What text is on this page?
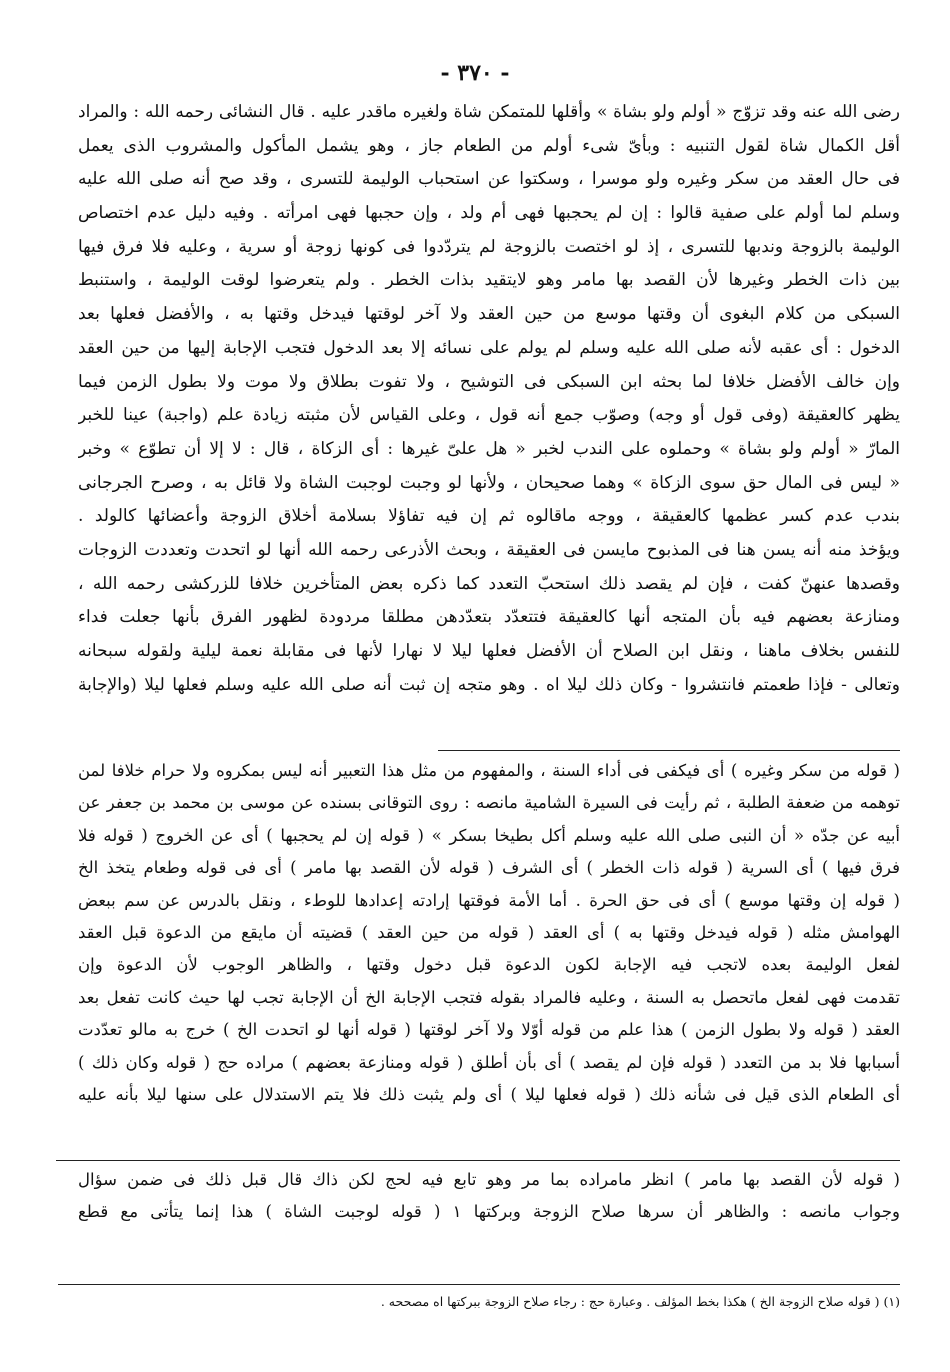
- ٣٧٠ -
رضى الله عنه وقد تزوّج « أولم ولو بشاة » وأقلها للمتمكن شاة ولغيره ماقدر عليه . قال النشائى رحمه الله : والمراد
أقل الكمال شاة لقول التنبيه : وبأىّ شىء أولم من الطعام جاز ، وهو يشمل المأكول والمشروب الذى يعمل
فى حال العقد من سكر وغيره ولو موسرا ، وسكتوا عن استحباب الوليمة للتسرى ، وقد صح أنه صلى الله عليه
وسلم لما أولم على صفية قالوا : إن لم يحجبها فهى أم ولد ، وإن حجبها فهى امرأته . وفيه دليل عدم اختصاص
الوليمة بالزوجة وندبها للتسرى ، إذ لو اختصت بالزوجة لم يتردّدوا فى كونها زوجة أو سرية ، وعليه فلا فرق فيها
بين ذات الخطر وغيرها لأن القصد بها مامر وهو لايتقيد بذات الخطر . ولم يتعرضوا لوقت الوليمة ، واستنبط
السبكى من كلام البغوى أن وقتها موسع من حين العقد ولا آخر لوقتها فيدخل وقتها به ، والأفضل فعلها بعد
الدخول : أى عقبه لأنه صلى الله عليه وسلم لم يولم على نسائه إلا بعد الدخول فتجب الإجابة إليها من حين العقد
وإن خالف الأفضل خلافا لما بحثه ابن السبكى فى التوشيح ، ولا تفوت بطلاق ولا موت ولا بطول الزمن فيما
يظهر كالعقيقة (وفى قول أو وجه) وصوّب جمع أنه قول ، وعلى القياس لأن مثبته زيادة علم (واجبة) عينا للخبر
المارّ « أولم ولو بشاة » وحملوه على الندب لخبر « هل علىّ غيرها : أى الزكاة ، قال : لا إلا أن تطوّع » وخبر
« ليس فى المال حق سوى الزكاة » وهما صحيحان ، ولأنها لو وجبت لوجبت الشاة ولا قائل به ، وصرح الجرجانى
بندب عدم كسر عظمها كالعقيقة ، ووجه ماقالوه ثم إن فيه تفاؤلا بسلامة أخلاق الزوجة وأعضائها كالولد .
ويؤخذ منه أنه يسن هنا فى المذبوح مايسن فى العقيقة ، وبحث الأذرعى رحمه الله أنها لو اتحدت وتعددت الزوجات
وقصدها عنهنّ كفت ، فإن لم يقصد ذلك استحبّ التعدد كما ذكره بعض المتأخرين خلافا للزركشى رحمه الله ،
ومنازعة بعضهم فيه بأن المتجه أنها كالعقيقة فتتعدّد بتعدّدهن مطلقا مردودة لظهور الفرق بأنها جعلت فداء
للنفس بخلاف ماهنا ، ونقل ابن الصلاح أن الأفضل فعلها ليلا لا نهارا لأنها فى مقابلة نعمة ليلية ولقوله سبحانه
وتعالى - فإذا طعمتم فانتشروا - وكان ذلك ليلا اه . وهو متجه إن ثبت أنه صلى الله عليه وسلم فعلها ليلا (والإجابة
( قوله من سكر وغيره ) أى فيكفى فى أداء السنة ، والمفهوم من مثل هذا التعبير أنه ليس بمكروه ولا حرام خلافا لمن
توهمه من ضعفة الطلبة ، ثم رأيت فى السيرة الشامية مانصه : روى التوقانى بسنده عن موسى بن محمد بن جعفر عن
أبيه عن جدّه « أن النبى صلى الله عليه وسلم أكل بطيخا بسكر » ( قوله إن لم يحجبها ) أى عن الخروج ( قوله فلا
فرق فيها ) أى السرية ( قوله ذات الخطر ) أى الشرف ( قوله لأن القصد بها مامر ) أى فى قوله وطعام يتخذ الخ
( قوله إن وقتها موسع ) أى فى حق الحرة . أما الأمة فوقتها إرادته إعدادها للوطء ، ونقل بالدرس عن سم ببعض
الهوامش مثله ( قوله فيدخل وقتها به ) أى العقد ( قوله من حين العقد ) قضيته أن مايقع من الدعوة قبل العقد
لفعل الوليمة بعده لاتجب فيه الإجابة لكون الدعوة قبل دخول وقتها ، والظاهر الوجوب لأن الدعوة وإن
تقدمت فهى لفعل ماتحصل به السنة ، وعليه فالمراد بقوله فتجب الإجابة الخ أن الإجابة تجب لها حيث كانت تفعل بعد
العقد ( قوله ولا بطول الزمن ) هذا علم من قوله أوّلا ولا آخر لوقتها ( قوله أنها لو اتحدت الخ ) خرج به مالو تعدّدت
أسبابها فلا بد من التعدد ( قوله فإن لم يقصد ) أى بأن أطلق ( قوله ومنازعة بعضهم ) مراده حج ( قوله وكان ذلك )
أى الطعام الذى قيل فى شأنه ذلك ( قوله فعلها ليلا ) أى ولم يثبت ذلك فلا يتم الاستدلال على سنها ليلا بأنه عليه
( قوله لأن القصد بها مامر ) انظر مامراده بما مر وهو تابع فيه لحج لكن ذاك قال قبل ذلك فى ضمن سؤال
وجواب مانصه : والظاهر أن سرها صلاح الزوجة وبركتها ١ ( قوله لوجبت الشاة ) هذا إنما يتأتى مع قطع
(١) ( قوله صلاح الزوجة الخ ) هكذا بخط المؤلف . وعبارة حج : رجاء صلاح الزوجة ببركتها اه مصححه .
